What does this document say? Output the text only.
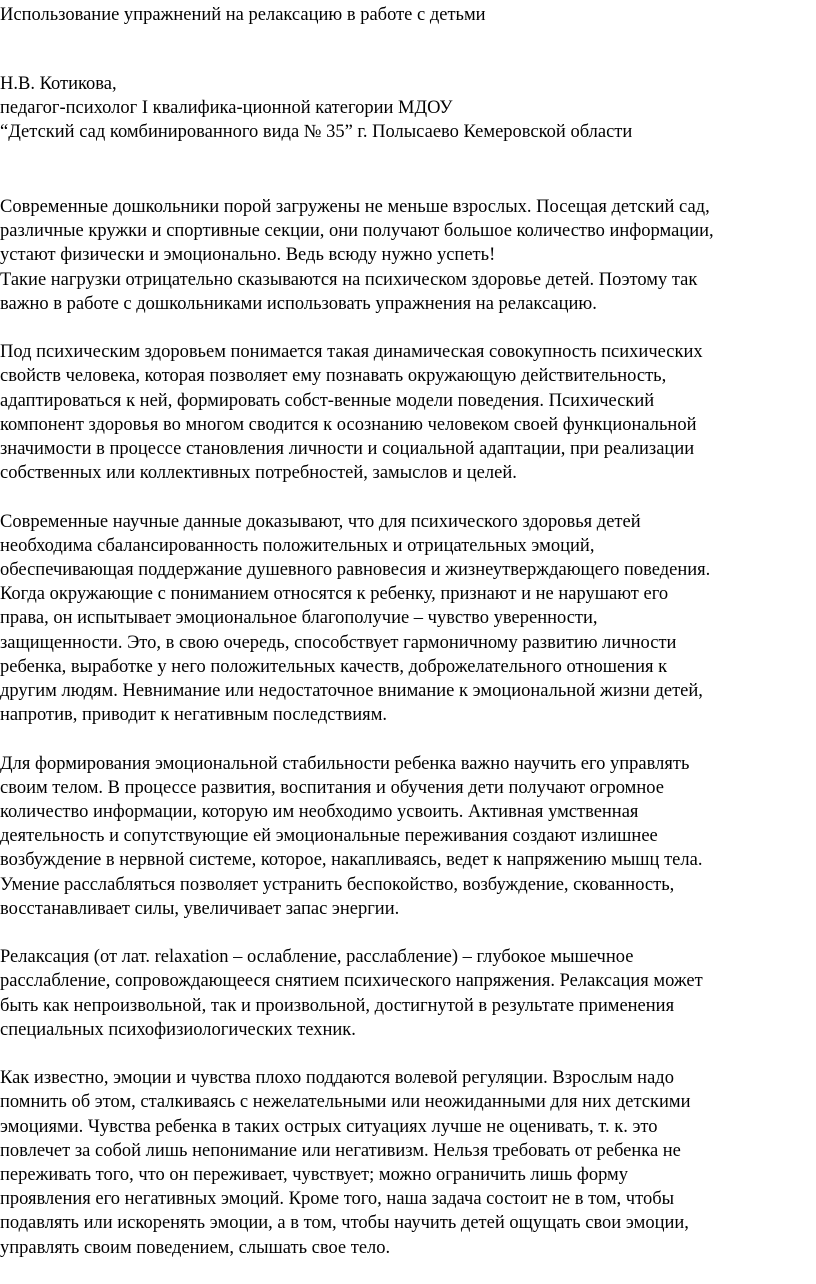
Использование упражнений на релаксацию в работе с детьми
Н.В. Котикова,
педагог-психолог I квалифика-ционной категории МДОУ
“Детский сад комбинированного вида № 35” г. Полысаево Кемеровской области
Современные дошкольники порой загружены не меньше взрослых. Посещая детский сад,
различные кружки и спортивные секции, они получают большое количество информации,
устают физически и эмоционально. Ведь всюду нужно успеть!
Такие нагрузки отрицательно сказываются на психическом здоровье детей. Поэтому так
важно в работе с дошкольниками использовать упражнения на релаксацию.
Под психическим здоровьем понимается такая динамическая совокупность психических
свойств человека, которая позволяет ему познавать окружающую действительность,
адаптироваться к ней, формировать собст-венные модели поведения. Психический
компонент здоровья во многом сводится к осознанию человеком своей функциональной
значимости в процессе становления личности и социальной адаптации, при реализации
собственных или коллективных потребностей, замыслов и целей.
Современные научные данные доказывают, что для психического здоровья детей
необходима сбалансированность положительных и отрицательных эмоций,
обеспечивающая поддержание душевного равновесия и жизнеутверждающего поведения.
Когда окружающие с пониманием относятся к ребенку, признают и не нарушают его
права, он испытывает эмоциональное благополучие – чувство уверенности,
защищенности. Это, в свою очередь, способствует гармоничному развитию личности
ребенка, выработке у него положительных качеств, доброжелательного отношения к
другим людям. Невнимание или недостаточное внимание к эмоциональной жизни детей,
напротив, приводит к негативным последствиям.
Для формирования эмоциональной стабильности ребенка важно научить его управлять
своим телом. В процессе развития, воспитания и обучения дети получают огромное
количество информации, которую им необходимо усвоить. Активная умственная
деятельность и сопутствующие ей эмоциональные переживания создают излишнее
возбуждение в нервной системе, которое, накапливаясь, ведет к напряжению мышц тела.
Умение расслабляться позволяет устранить беспокойство, возбуждение, скованность,
восстанавливает силы, увеличивает запас энергии.
Релаксация (от лат. relaxation – ослабление, расслабление) – глубокое мышечное
расслабление, сопровождающееся снятием психического напряжения. Релаксация может
быть как непроизвольной, так и произвольной, достигнутой в результате применения
специальных психофизиологических техник.
Как известно, эмоции и чувства плохо поддаются волевой регуляции. Взрослым надо
помнить об этом, сталкиваясь с нежелательными или неожиданными для них детскими
эмоциями. Чувства ребенка в таких острых ситуациях лучше не оценивать, т. к. это
повлечет за собой лишь непонимание или негативизм. Нельзя требовать от ребенка не
переживать того, что он переживает, чувствует; можно ограничить лишь форму
проявления его негативных эмоций. Кроме того, наша задача состоит не в том, чтобы
подавлять или искоренять эмоции, а в том, чтобы научить детей ощущать свои эмоции,
управлять своим поведением, слышать свое тело.
